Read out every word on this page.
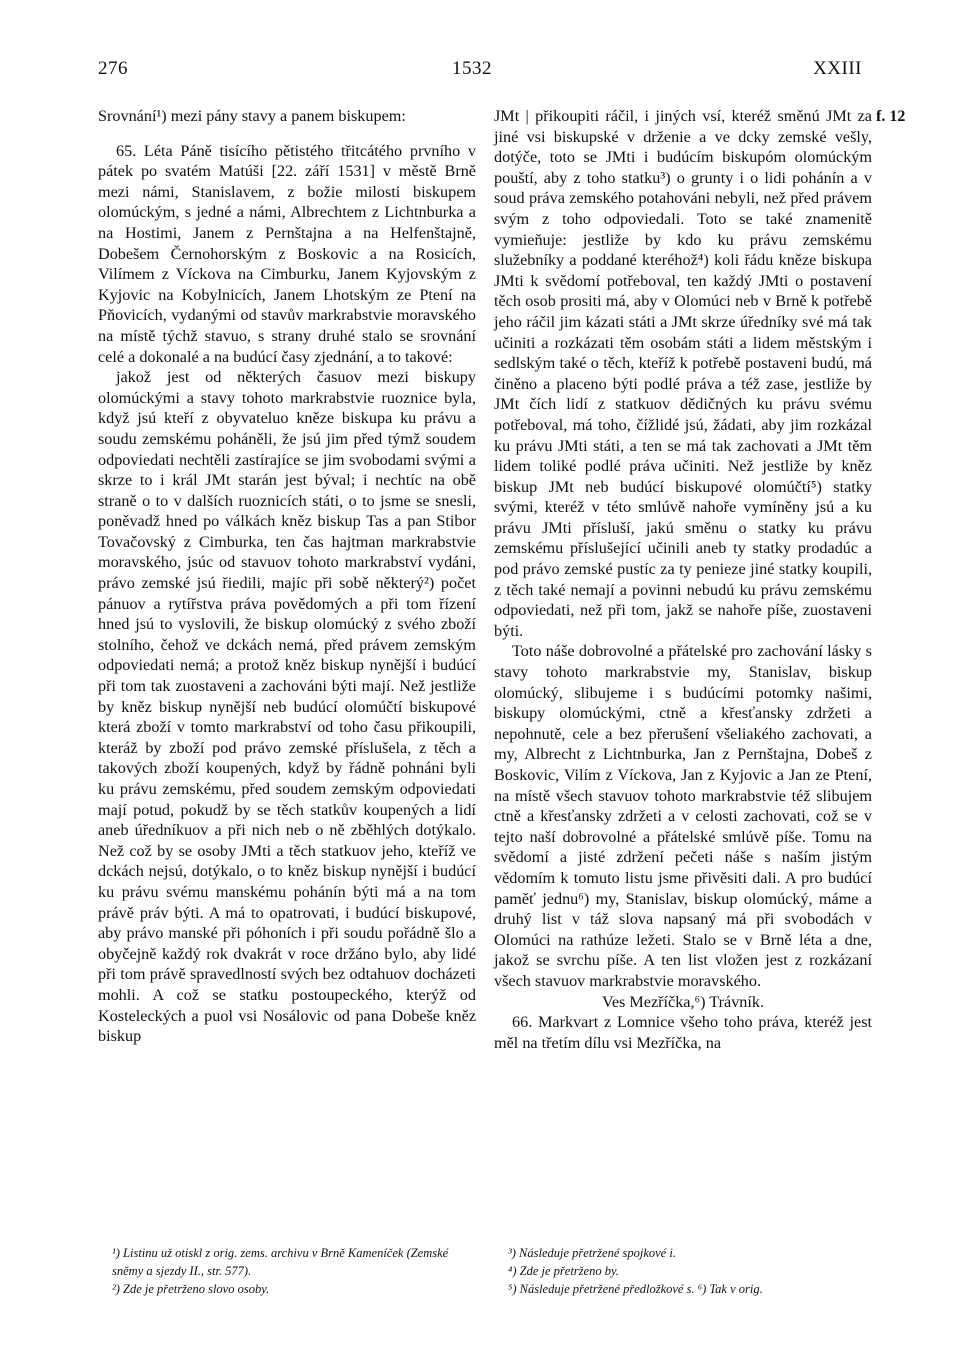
276	1532	XXIII
f. 12

Srovnání¹) mezi pány stavy a panem biskupem:

65. Léta Páně tisícího pětistého třitcátého prvního v pátek po svatém Matúši [22. září 1531] v městě Brně mezi námi, Stanislavem, z božie milosti biskupem olomúckým, s jedné a námi, Albrechtem z Lichtnburka a na Hostimi, Janem z Pernštajna a na Helfenštajně, Dobešem Černohorským z Boskovic a na Rosicích, Vilímem z Víckova na Cimburku, Janem Kyjovským z Kyjovic na Kobylnicích, Janem Lhotským ze Ptení na Pňovicích, vydanými od stavův markrabstvie moravského na místě týchž stavuo, s strany druhé stalo se srovnání celé a dokonalé a na budúcí časy zjednání, a to takové:

jakož jest od některých časuov mezi biskupy olomúckými a stavy tohoto markrabstvie ruoznice byla, když jsú kteří z obyvateluo kněze biskupa ku právu a soudu zemskému poháněli, že jsú jim před týmž soudem odpoviedati nechtěli zastírajíce se jim svobodami svými a skrze to i král JMt starán jest býval; i nechtíc na obě straně o to v dalších ruoznicích státi, o to jsme se snesli, poněvadž hned po válkách kněz biskup Tas a pan Stibor Tovačovský z Cimburka, ten čas hajtman markrabstvie moravského, jsúc od stavuov tohoto markrabství vydáni, právo zemské jsú řiedili, majíc při sobě některý²) počet pánuov a rytířstva práva povědomých a při tom řízení hned jsú to vyslovili, že biskup olomúcký z svého zboží stolního, čehož ve dckách nemá, před právem zemským odpoviedati nemá; a protož kněz biskup nynější i budúcí při tom tak zuostaveni a zachováni býti mají. Než jestliže by kněz biskup nynější neb budúcí olomúčtí biskupové která zboží v tomto markrabství od toho času přikoupili, kteráž by zboží pod právo zemské příslušela, z těch a takových zboží koupených, když by řádně pohnáni byli ku právu zemskému, před soudem zemským odpoviedati mají potud, pokudž by se těch statkův koupených a lidí aneb úředníkuov a při nich neb o ně zběhlých dotýkalo. Než což by se osoby JMti a těch statkuov jeho, kteříž ve dckách nejsú, dotýkalo, o to kněz biskup nynější i budúcí ku právu svému manskému pohánín býti má a na tom právě práv býti. A má to opatrovati, i budúcí biskupové, aby právo manské při póhoních i při soudu pořádně šlo a obyčejně každý rok dvakrát v roce držáno bylo, aby lidé při tom právě spravedlností svých bez odtahuov docházeti mohli. A což se statku postoupeckého, kterýž od Kosteleckých a puol vsi Nosálovic od pana Dobeše kněz biskup

JMt | přikoupiti ráčil, i jiných vsí, kteréž směnú JMt za jiné vsi biskupské v drženie a ve dcky zemské vešly, dotýče, toto se JMti i budúcím biskupóm olomúckým pouští, aby z toho statku³) o grunty i o lidi pohánín a v soud práva zemského potahováni nebyli, než před právem svým z toho odpoviedali. Toto se také znamenitě vymieňuje: jestliže by kdo ku právu zemskému služebníky a poddané kteréhož⁴) koli řádu kněze biskupa JMti k svědomí potřeboval, ten každý JMti o postavení těch osob prositi má, aby v Olomúci neb v Brně k potřebě jeho ráčil jim kázati státi a JMt skrze úředníky své má tak učiniti a rozkázati těm osobám státi a lidem městským i sedlským také o těch, kteříž k potřebě postaveni budú, má činěno a placeno býti podlé práva a též zase, jestliže by JMt čích lidí z statkuov dědičných ku právu svému potřeboval, má toho, čížlidé jsú, žádati, aby jim rozkázal ku právu JMti státi, a ten se má tak zachovati a JMt těm lidem toliké podlé práva učiniti. Než jestliže by kněz biskup JMt neb budúcí biskupové olomúčtí⁵) statky svými, kteréž v této smlúvě nahoře vymíněny jsú a ku právu JMti přísluší, jakú směnu o statky ku právu zemskému příslušející učinili aneb ty statky prodadúc a pod právo zemské pustíc za ty penieze jiné statky koupili, z těch také nemají a povinni nebudú ku právu zemskému odpoviedati, než při tom, jakž se nahoře píše, zuostaveni býti.

Toto náše dobrovolné a přátelské pro zachování lásky s stavy tohoto markrabstvie my, Stanislav, biskup olomúcký, slibujeme i s budúcími potomky našimi, biskupy olomúckými, ctně a křesťansky zdržeti a nepohnutě, cele a bez přerušení všeliakého zachovati, a my, Albrecht z Lichtnburka, Jan z Pernštajna, Dobeš z Boskovic, Vilím z Víckova, Jan z Kyjovic a Jan ze Ptení, na místě všech stavuov tohoto markrabstvie též slibujem ctně a křesťansky zdržeti a v celosti zachovati, což se v tejto naší dobrovolné a přátelské smlúvě píše. Tomu na svědomí a jisté zdržení pečeti náše s naším jistým vědomím k tomuto listu jsme přivěsiti dali. A pro budúcí paměť jednu⁶) my, Stanislav, biskup olomúcký, máme a druhý list v táž slova napsaný má při svobodách v Olomúci na rathúze ležeti. Stalo se v Brně léta a dne, jakož se svrchu píše. A ten list vložen jest z rozkázaní všech stavuov markrabstvie moravského.

Ves Mezříčka,⁶) Trávník.

66. Markvart z Lomnice všeho toho práva, kteréž jest měl na třetím dílu vsi Mezříčka, na

¹) Listinu už otiskl z orig. zems. archivu v Brně Kameníček (Zemské sněmy a sjezdy II., str. 577).

²) Zde je přetrženo slovo osoby.

³) Následuje přetržené spojkové i.

⁴) Zde je přetrženo by.

⁵) Následuje přetržené předložkové s. ⁶) Tak v orig.
